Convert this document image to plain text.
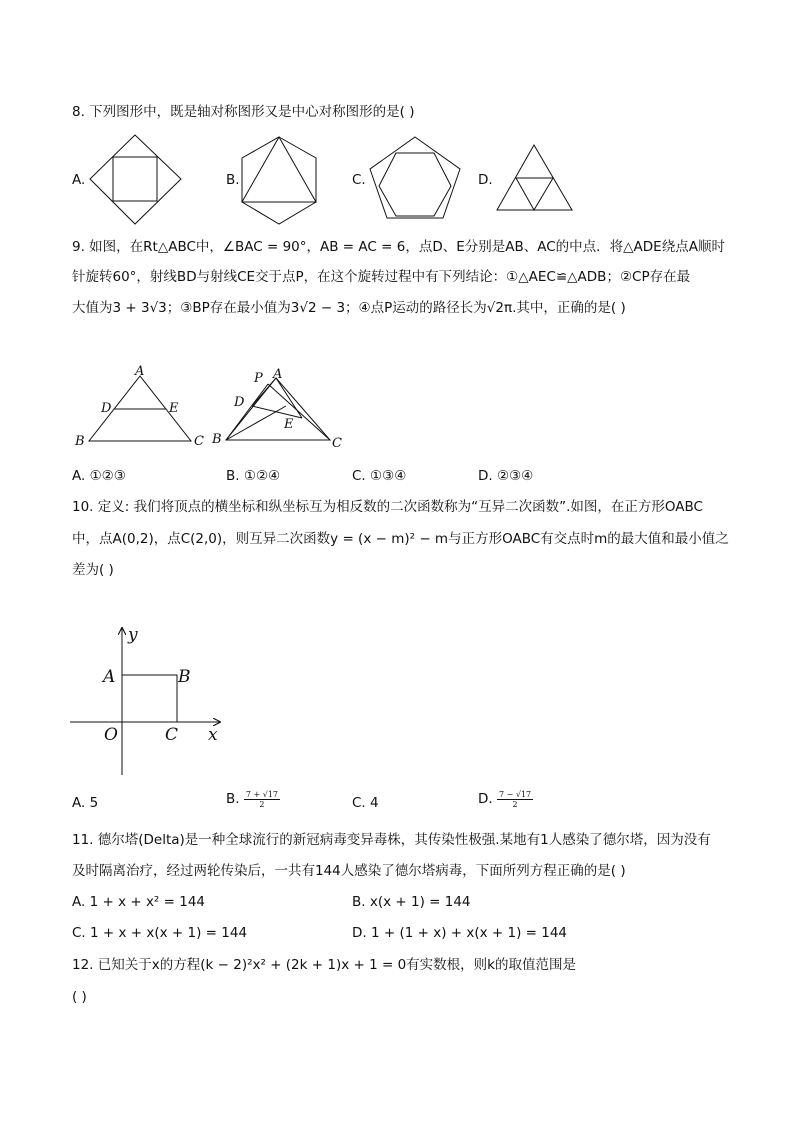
8. 下列图形中，既是轴对称图形又是中心对称图形的是( )
A.	B.	C.	D.
9. 如图，在Rt△ABC中，∠BAC = 90°，AB = AC = 6，点D、E分别是AB、AC的中点．将△ADE绕点A顺时
针旋转60°，射线BD与射线CE交于点P，在这个旋转过程中有下列结论：①△AEC≌△ADB；②CP存在最
大值为3 + 3√3；③BP存在最小值为3√2 − 3；④点P运动的路径长为√2π.其中，正确的是( )
A
D	E
B	C
P A
D
E
B	C
A. ①②③	B. ①②④	C. ①③④	D. ②③④
10. 定义: 我们将顶点的横坐标和纵坐标互为相反数的二次函数称为“互异二次函数”.如图，在正方形OABC
中，点A(0,2)，点C(2,0)，则互异二次函数y = (x − m)² − m与正方形OABC有交点时m的最大值和最小值之
差为( )
y
x
A	B
O	C
A. 5	B. $\frac{7 + √17}{2}$	C. 4	D. $\frac{7 - √17}{2}$
11. 德尔塔(Delta)是一种全球流行的新冠病毒变异毒株，其传染性极强.某地有1人感染了德尔塔，因为没有
及时隔离治疗，经过两轮传染后，一共有144人感染了德尔塔病毒，下面所列方程正确的是( )
A. 1 + x + x² = 144	B. x(x + 1) = 144
C. 1 + x + x(x + 1) = 144	D. 1 + (1 + x) + x(x + 1) = 144
12. 已知关于x的方程(k − 2)²x² + (2k + 1)x + 1 = 0有实数根，则k的取值范围是
( )
